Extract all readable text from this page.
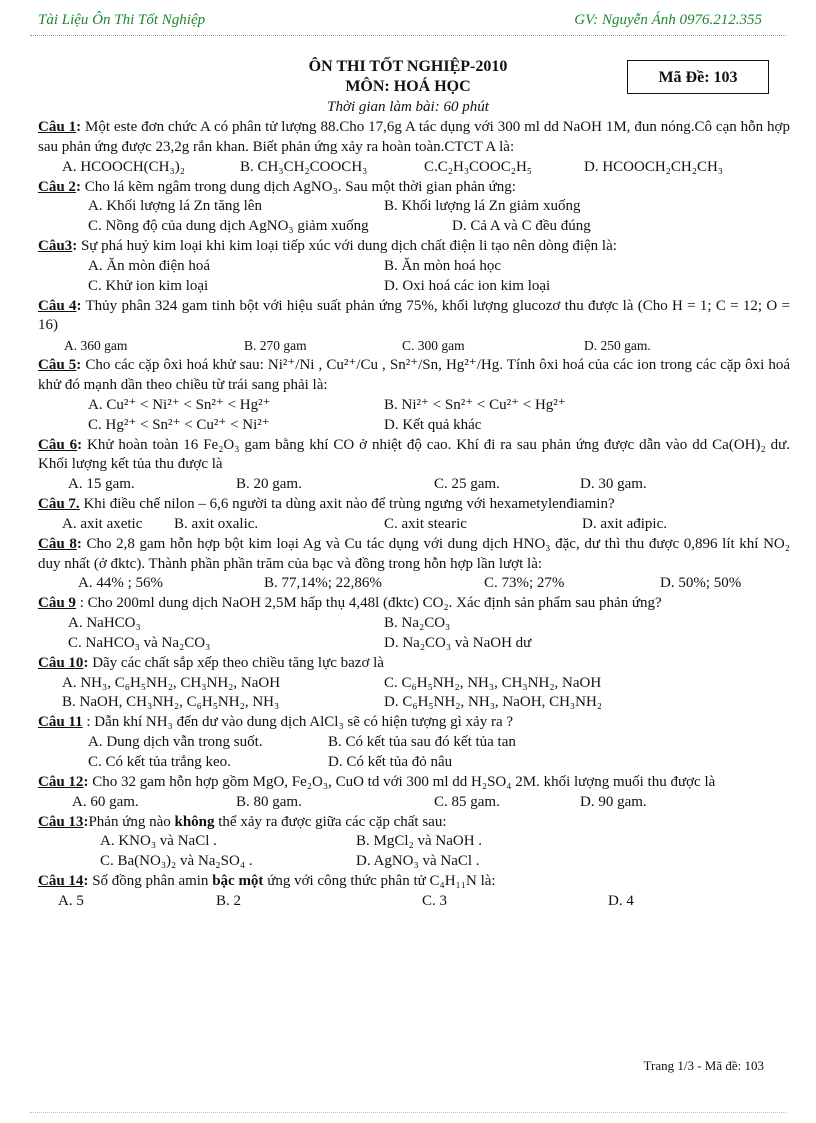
Tài Liệu Ôn Thi Tốt Nghiệp	GV: Nguyễn Ánh 0976.212.355
ÔN THI TỐT NGHIỆP-2010
MÔN: HOÁ HỌC
Thời gian làm bài: 60 phút
Mã Đề: 103
Câu 1: Một este đơn chức A có phân tử lượng 88.Cho 17,6g A tác dụng với 300 ml dd NaOH 1M, đun nóng.Cô cạn hỗn hợp sau phản ứng được 23,2g rắn khan. Biết phản ứng xảy ra hoàn toàn.CTCT A là:
A. HCOOCH(CH₃)₂	B. CH₃CH₂COOCH₃	C.C₂H₃COOC₂H₅	D. HCOOCH₂CH₂CH₃
Câu 2: Cho lá kẽm ngâm trong dung dịch AgNO₃. Sau một thời gian phản ứng:
A. Khối lượng lá Zn tăng lên	B. Khối lượng lá Zn giảm xuống
C. Nồng độ của dung dịch AgNO₃ giảm xuống	D. Cả A và C đều đúng
Câu3: Sự phá huỷ kim loại khi kim loại tiếp xúc với dung dịch chất điện li tạo nên dòng điện là:
A. Ăn mòn điện hoá	B. Ăn mòn hoá học
C. Khử ion kim loại	D. Oxi hoá các ion kim loại
Câu 4: Thủy phân 324 gam tinh bột với hiệu suất phản ứng 75%, khối lượng glucozơ thu được là (Cho H = 1; C = 12; O = 16)
A. 360 gam	B. 270 gam	C. 300 gam	D. 250 gam.
Câu 5: Cho các cặp ôxi hoá khử sau: Ni²⁺/Ni , Cu²⁺/Cu , Sn²⁺/Sn, Hg²⁺/Hg. Tính ôxi hoá của các ion trong các cặp ôxi hoá khử đó mạnh dần theo chiều từ trái sang phải là:
A. Cu²⁺ < Ni²⁺ < Sn²⁺ < Hg²⁺	B. Ni²⁺ < Sn²⁺ < Cu²⁺ < Hg²⁺
C. Hg²⁺ < Sn²⁺ < Cu²⁺ < Ni²⁺	D. Kết quả khác
Câu 6: Khử hoàn toàn 16 Fe₂O₃ gam bằng khí CO ở nhiệt độ cao. Khí đi ra sau phản ứng được dẫn vào dd Ca(OH)₂ dư. Khối lượng kết tủa thu được là
A. 15 gam.	B. 20 gam.	C. 25 gam.	D. 30 gam.
Câu 7. Khi điều chế nilon – 6,6 người ta dùng axit nào để trùng ngưng với hexametylenđiamin?
A. axit axetic	B. axit oxalic.	C. axit stearic	D. axit ađipic.
Câu 8: Cho 2,8 gam hỗn hợp bột kim loại Ag và Cu tác dụng với dung dịch HNO₃ đặc, dư thì thu được 0,896 lít khí NO₂ duy nhất (ở đktc). Thành phần phần trăm của bạc và đồng trong hỗn hợp lần lượt là:
A. 44% ; 56%	B. 77,14%; 22,86%	C. 73%; 27%	D. 50%; 50%
Câu 9 : Cho 200ml dung dịch NaOH 2,5M hấp thụ 4,48l (đktc) CO₂. Xác định sản phẩm sau phản ứng?
A. NaHCO₃	B. Na₂CO₃
C. NaHCO₃ và Na₂CO₃	D. Na₂CO₃ và NaOH dư
Câu 10: Dãy các chất sắp xếp theo chiều tăng lực bazơ là
A. NH₃, C₆H₅NH₂, CH₃NH₂, NaOH	C. C₆H₅NH₂, NH₃, CH₃NH₂, NaOH
B. NaOH, CH₃NH₂, C₆H₅NH₂, NH₃	D. C₆H₅NH₂, NH₃, NaOH, CH₃NH₂
Câu 11 : Dẫn khí NH₃ đến dư vào dung dịch AlCl₃ sẽ có hiện tượng gì xảy ra ?
A. Dung dịch vẫn trong suốt.	B. Có kết tủa sau đó kết tủa tan
C. Có kết tủa trắng keo.	D. Có kết tủa đỏ nâu
Câu 12: Cho 32 gam hỗn hợp gồm MgO, Fe₂O₃, CuO td với 300 ml dd H₂SO₄ 2M. khối lượng muối thu được là
A. 60 gam.	B. 80 gam.	C. 85 gam.	D. 90 gam.
Câu 13:Phản ứng nào không thể xảy ra được giữa các cặp chất sau:
A. KNO₃ và NaCl .	B. MgCl₂ và NaOH .
C. Ba(NO₃)₂ và Na₂SO₄ .	D. AgNO₃ và NaCl .
Câu 14: Số đồng phân amin bậc một ứng với công thức phân tử C₄H₁₁N là:
A. 5	B. 2	C. 3	D. 4
Trang 1/3 - Mã đề: 103
